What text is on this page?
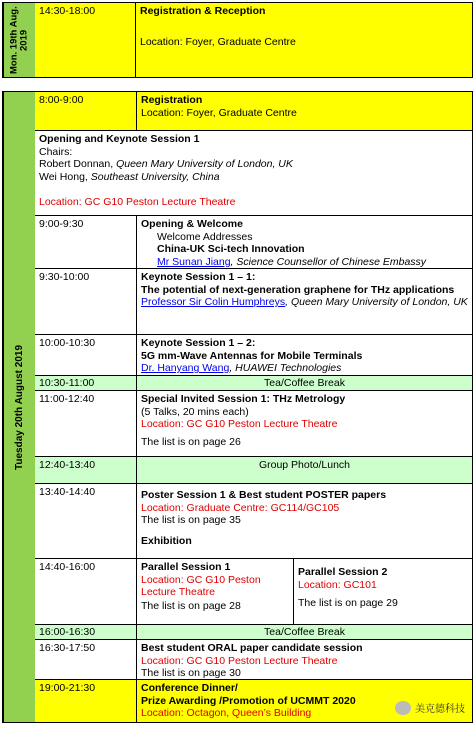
Mon. 19th Aug. 2019
14:30-18:00	Registration & Reception
Location: Foyer, Graduate Centre
Tuesday 20th August 2019
8:00-9:00	Registration
Location: Foyer, Graduate Centre
Opening and Keynote Session 1
Chairs:
Robert Donnan, Queen Mary University of London, UK
Wei Hong, Southeast University, China
Location: GC G10 Peston Lecture Theatre
9:00-9:30	Opening & Welcome
Welcome Addresses
China-UK Sci-tech Innovation
Mr Sunan Jiang, Science Counsellor of Chinese Embassy
9:30-10:00	Keynote Session 1 – 1:
The potential of next-generation graphene for THz applications
Professor Sir Colin Humphreys, Queen Mary University of London, UK
10:00-10:30	Keynote Session 1 – 2:
5G mm-Wave Antennas for Mobile Terminals
Dr. Hanyang Wang, HUAWEI Technologies
10:30-11:00	Tea/Coffee Break
11:00-12:40	Special Invited Session 1: THz Metrology
(5 Talks, 20 mins each)
Location: GC G10 Peston Lecture Theatre
The list is on page 26
12:40-13:40	Group Photo/Lunch
13:40-14:40	Poster Session 1 & Best student POSTER papers
Location: Graduate Centre: GC114/GC105
The list is on page 35
Exhibition
14:40-16:00	Parallel Session 1
Location: GC G10 Peston Lecture Theatre
The list is on page 28
Parallel Session 2
Location: GC101
The list is on page 29
16:00-16:30	Tea/Coffee Break
16:30-17:50	Best student ORAL paper candidate session
Location: GC G10 Peston Lecture Theatre
The list is on page 30
19:00-21:30	Conference Dinner/
Prize Awarding /Promotion of UCMMT 2020
Location: Octagon, Queen’s Building	美克德科技
